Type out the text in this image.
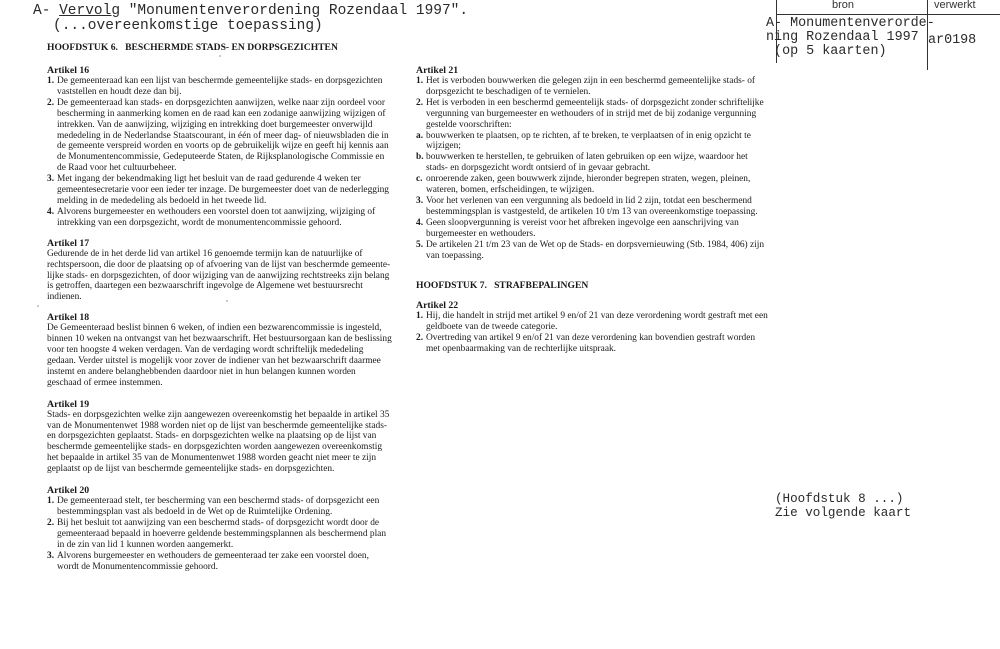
A- Vervolg "Monumentenverordening Rozendaal 1997".
(...overeenkomstige toepassing)
HOOFDSTUK 6.   BESCHERMDE STADS- EN DORPSGEZICHTEN
bron	verwerkt
A- Monumentenverorde-
ning Rozendaal 1997
(op 5 kaarten)
ar0198
Artikel 16
1. De gemeenteraad kan een lijst van beschermde gemeentelijke stads- en dorpsgezichten vaststellen en houdt deze dan bij.
2. De gemeenteraad kan stads- en dorpsgezichten aanwijzen, welke naar zijn oordeel voor bescherming in aanmerking komen en de raad kan een zodanige aanwijzing wijzigen of intrekken. Van de aanwijzing, wijziging en intrekking doet burgemeester onverwijld mededeling in de Nederlandse Staatscourant, in één of meer dag- of nieuwsbladen die in de gemeente verspreid worden en voorts op de gebruikelijk wijze en geeft hij kennis aan de Monumentencommissie, Gedeputeerde Staten, de Rijksplanologische Commissie en de Raad voor het cultuurbeheer.
3. Met ingang der bekendmaking ligt het besluit van de raad gedurende 4 weken ter gemeentesecretarie voor een ieder ter inzage. De burgemeester doet van de nederlegging melding in de mededeling als bedoeld in het tweede lid.
4. Alvorens burgemeester en wethouders een voorstel doen tot aanwijzing, wijziging of intrekking van een dorpsgezicht, wordt de monumentencommissie gehoord.
Artikel 17

Gedurende de in het derde lid van artikel 16 genoemde termijn kan de natuurlijke of rechtspersoon, die door de plaatsing op of afvoering van de lijst van beschermde gemeente-lijke stads- en dorpsgezichten, of door wijziging van de aanwijzing rechtstreeks zijn belang is getroffen, daartegen een bezwaarschrift ingevolge de Algemene wet bestuursrecht indienen.

Artikel 18

De Gemeenteraad beslist binnen 6 weken, of indien een bezwarencommissie is ingesteld, binnen 10 weken na ontvangst van het bezwaarschrift. Het bestuursorgaan kan de beslissing voor ten hoogste 4 weken verdagen. Van de verdaging wordt schriftelijk mededeling gedaan. Verder uitstel is mogelijk voor zover de indiener van het bezwaarschrift daarmee instemt en andere belanghebbenden daardoor niet in hun belangen kunnen worden geschaad of ermee instemmen.

Artikel 19

Stads- en dorpsgezichten welke zijn aangewezen overeenkomstig het bepaalde in artikel 35 van de Monumentenwet 1988 worden niet op de lijst van beschermde gemeentelijke stads- en dorpsgezichten geplaatst. Stads- en dorpsgezichten welke na plaatsing op de lijst van beschermde gemeentelijke stads- en dorpsgezichten worden aangewezen overeenkomstig het bepaalde in artikel 35 van de Monumentenwet 1988 worden geacht niet meer te zijn geplaatst op de lijst van beschermde gemeentelijke stads- en dorpsgezichten.

Artikel 20
1. De gemeenteraad stelt, ter bescherming van een beschermd stads- of dorpsgezicht een bestemmingsplan vast als bedoeld in de Wet op de Ruimtelijke Ordening.
2. Bij het besluit tot aanwijzing van een beschermd stads- of dorpsgezicht wordt door de gemeenteraad bepaald in hoeverre geldende bestemmingsplannen als beschermend plan in de zin van lid 1 kunnen worden aangemerkt.
3. Alvorens burgemeester en wethouders de gemeenteraad ter zake een voorstel doen, wordt de Monumentencommissie gehoord.
Artikel 21
1. Het is verboden bouwwerken die gelegen zijn in een beschermd gemeentelijke stads- of dorpsgezicht te beschadigen of te vernielen.
2. Het is verboden in een beschermd gemeentelijk stads- of dorpsgezicht zonder schriftelijke vergunning van burgemeester en wethouders of in strijd met de bij zodanige vergunning gestelde voorschriften:
a. bouwwerken te plaatsen, op te richten, af te breken, te verplaatsen of in enig opzicht te wijzigen;
b. bouwwerken te herstellen, te gebruiken of laten gebruiken op een wijze, waardoor het stads- en dorpsgezicht wordt ontsierd of in gevaar gebracht.
c. onroerende zaken, geen bouwwerk zijnde, hieronder begrepen straten, wegen, pleinen, wateren, bomen, erfscheidingen, te wijzigen.
3. Voor het verlenen van een vergunning als bedoeld in lid 2 zijn, totdat een beschermend bestemmingsplan is vastgesteld, de artikelen 10 t/m 13 van overeenkomstige toepassing.
4. Geen sloopvergunning is vereist voor het afbreken ingevolge een aanschrijving van burgemeester en wethouders.
5. De artikelen 21 t/m 23 van de Wet op de Stads- en dorpsvernieuwing (Stb. 1984, 406) zijn van toepassing.
HOOFDSTUK 7.   STRAFBEPALINGEN
Artikel 22
1. Hij, die handelt in strijd met artikel 9 en/of 21 van deze verordening wordt gestraft met een geldboete van de tweede categorie.
2. Overtreding van artikel 9 en/of 21 van deze verordening kan bovendien gestraft worden met openbaarmaking van de rechterlijke uitspraak.
(Hoofdstuk 8 ...)
Zie volgende kaart
